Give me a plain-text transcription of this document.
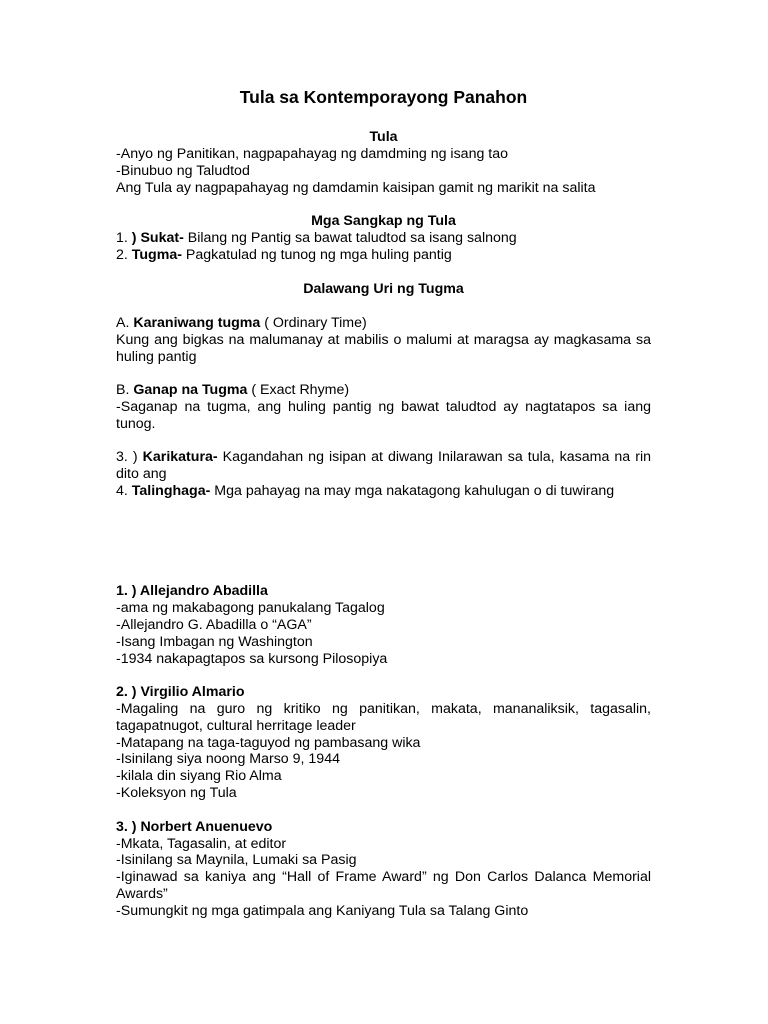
Tula sa Kontemporayong Panahon

Tula

-Anyo ng Panitikan, nagpapahayag ng damdming ng isang tao

-Binubuo ng Taludtod

Ang Tula ay nagpapahayag ng damdamin kaisipan gamit ng marikit na salita

Mga Sangkap ng Tula

1. ) Sukat- Bilang ng Pantig sa bawat taludtod sa isang salnong

2. Tugma- Pagkatulad ng tunog ng mga huling pantig

Dalawang Uri ng Tugma

A. Karaniwang tugma ( Ordinary Time)

Kung ang bigkas na malumanay at mabilis o malumi at maragsa ay magkasama sa huling pantig

B. Ganap na Tugma ( Exact Rhyme)

-Saganap na tugma, ang huling pantig ng bawat taludtod ay nagtatapos sa iang tunog.

3. ) Karikatura- Kagandahan ng isipan at diwang Inilarawan sa tula, kasama na rin dito ang

4. Talinghaga- Mga pahayag na may mga nakatagong kahulugan o di tuwirang

1. ) Allejandro Abadilla

-ama ng makabagong panukalang Tagalog

-Allejandro G. Abadilla o “AGA”

-Isang Imbagan ng Washington

-1934 nakapagtapos sa kursong Pilosopiya

2. ) Virgilio Almario

-Magaling na guro ng kritiko ng panitikan, makata, mananaliksik, tagasalin, tagapatnugot, cultural herritage leader

-Matapang na taga-taguyod ng pambasang wika

-Isinilang siya noong Marso 9, 1944

-kilala din siyang Rio Alma

-Koleksyon ng Tula

3. ) Norbert Anuenuevo

-Mkata, Tagasalin, at editor

-Isinilang sa Maynila, Lumaki sa Pasig

-Iginawad sa kaniya ang “Hall of Frame Award” ng Don Carlos Dalanca Memorial Awards”

-Sumungkit ng mga gatimpala ang Kaniyang Tula sa Talang Ginto
